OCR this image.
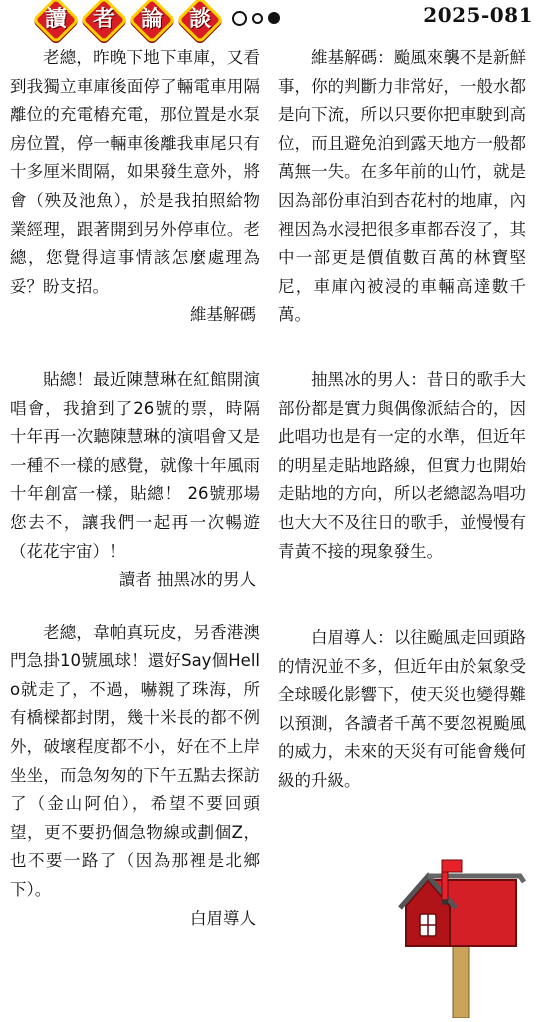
讀 者 論 談	2025-081

老總，昨晚下地下車庫，又看到我獨立車庫後面停了輛電車用隔離位的充電樁充電，那位置是水泵房位置，停一輛車後離我車尾只有十多厘米間隔，如果發生意外，將會（殃及池魚），於是我拍照給物業經理，跟著開到另外停車位。老總，您覺得這事情該怎麼處理為妥？盼支招。

維基解碼

貼總！最近陳慧琳在紅館開演唱會，我搶到了26號的票，時隔十年再一次聽陳慧琳的演唱會又是一種不一樣的感覺，就像十年風雨十年創富一樣，貼總！ 26號那場您去不，讓我們一起再一次暢遊（花花宇宙）！

讀者 抽黑冰的男人

老總，韋帕真玩皮，另香港澳門急掛10號風球！還好Say個Hello就走了，不過，嚇親了珠海，所有橋樑都封閉，幾十米長的都不例外，破壞程度都不小，好在不上岸坐坐，而急匆匆的下午五點去探訪了（金山阿伯），希望不要回頭望，更不要扔個急物線或劃個Z，也不要一路了（因為那裡是北鄉下）。

白眉導人

維基解碼：颱風來襲不是新鮮事，你的判斷力非常好，一般水都是向下流，所以只要你把車駛到高位，而且避免泊到露天地方一般都萬無一失。在多年前的山竹，就是因為部份車泊到杏花村的地庫，內裡因為水浸把很多車都吞沒了，其中一部更是價值數百萬的林寶堅尼，車庫內被浸的車輛高達數千萬。

抽黑冰的男人：昔日的歌手大部份都是實力與偶像派結合的，因此唱功也是有一定的水準，但近年的明星走貼地路線，但實力也開始走貼地的方向，所以老總認為唱功也大大不及往日的歌手，並慢慢有青黃不接的現象發生。

白眉導人：以往颱風走回頭路的情況並不多，但近年由於氣象受全球暖化影響下，使天災也變得難以預測，各讀者千萬不要忽視颱風的威力，未來的天災有可能會幾何級的升級。
